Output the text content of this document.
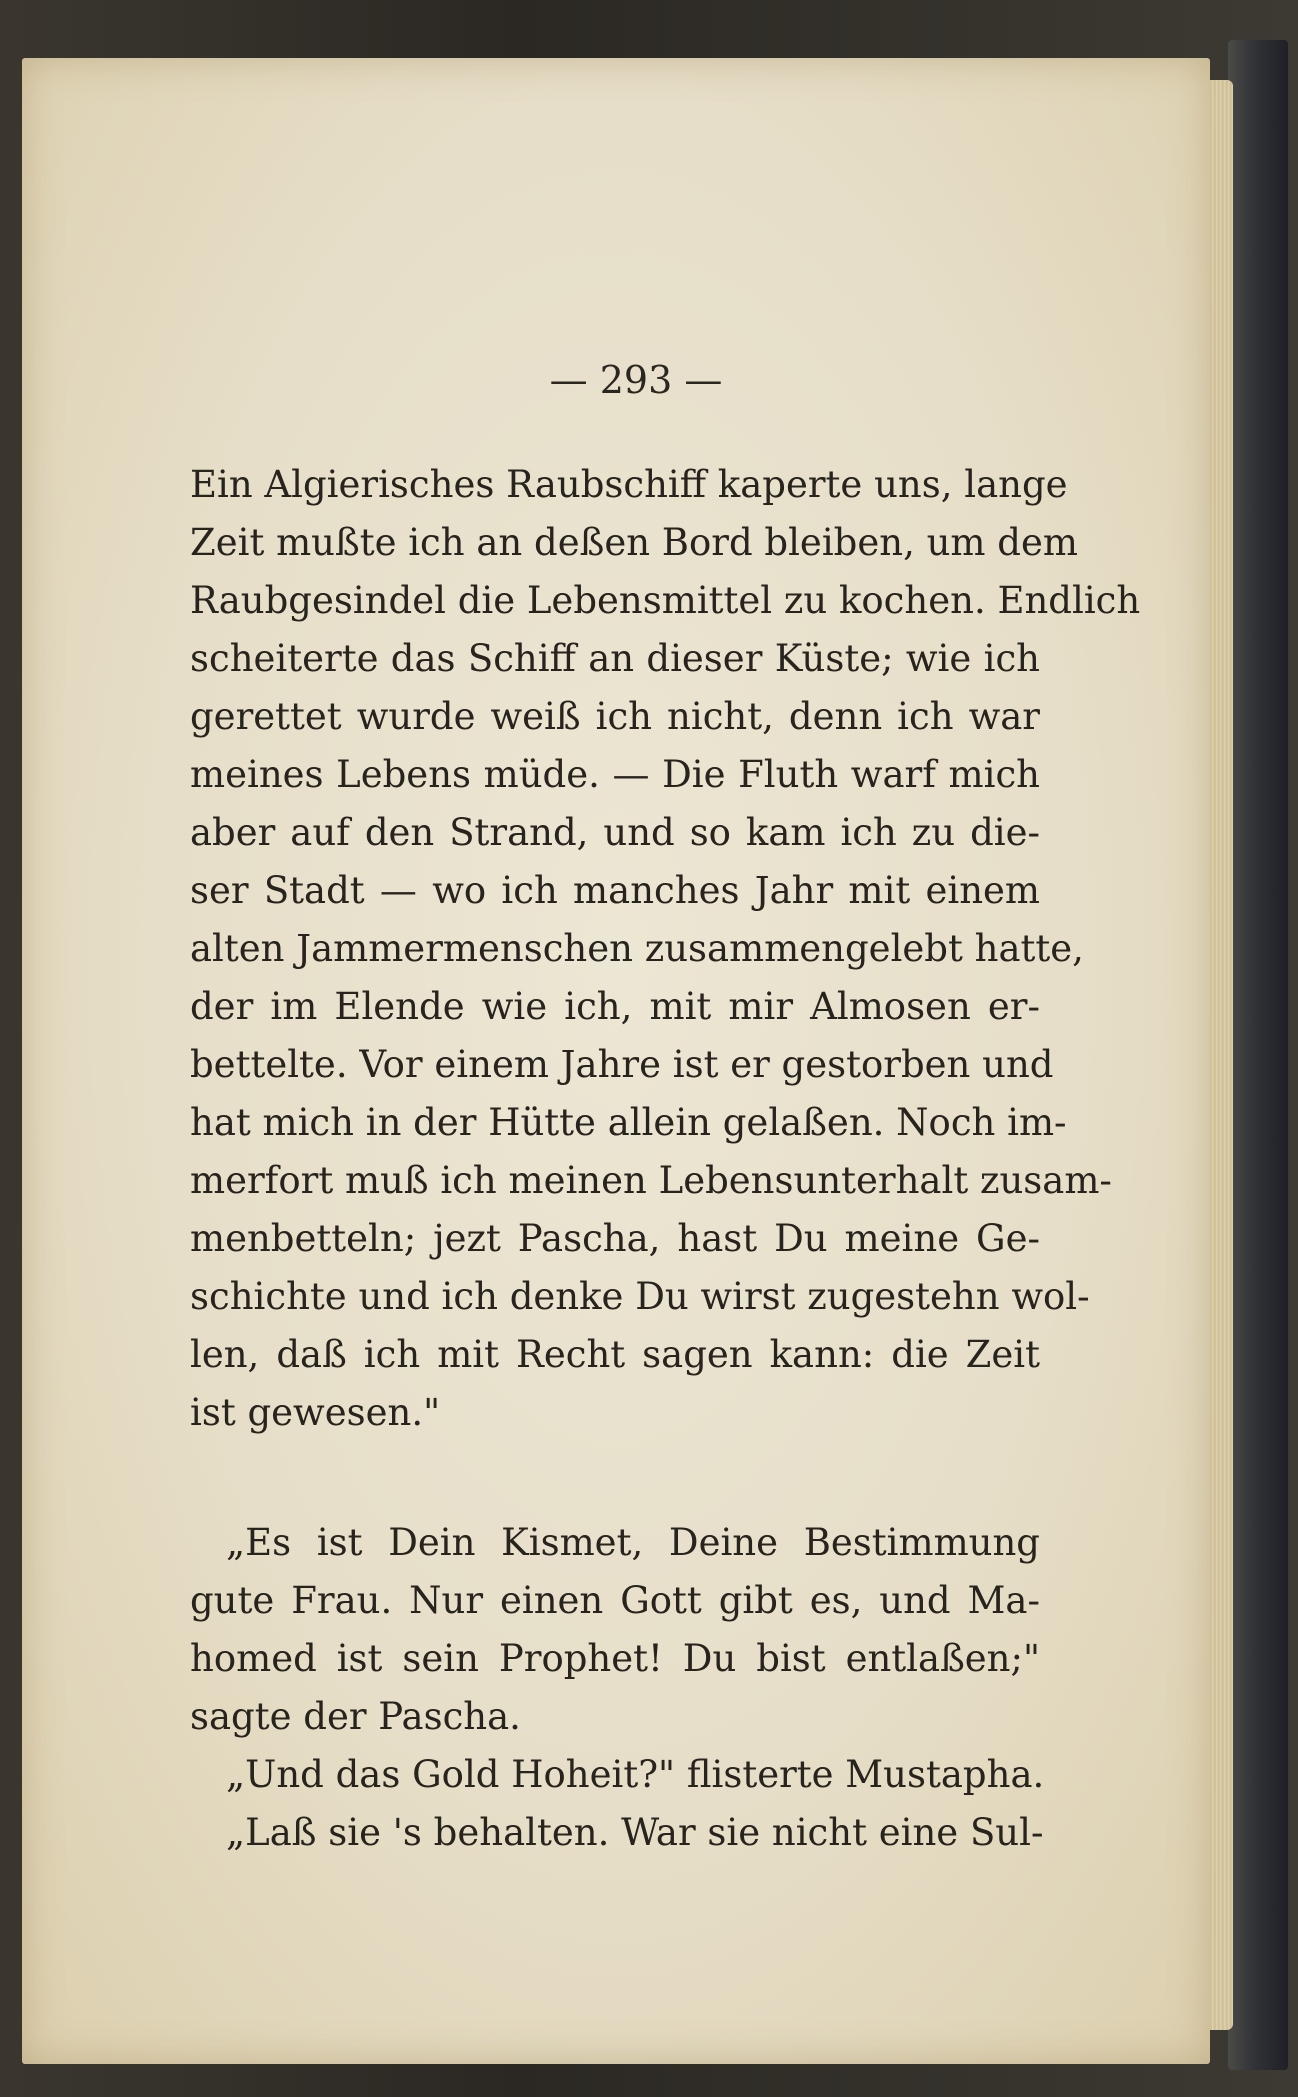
— 293 —
Ein Algierisches Raubschiff kaperte uns, lange
Zeit mußte ich an deßen Bord bleiben, um dem
Raubgesindel die Lebensmittel zu kochen. Endlich
scheiterte das Schiff an dieser Küste; wie ich
gerettet wurde weiß ich nicht, denn ich war
meines Lebens müde. — Die Fluth warf mich
aber auf den Strand, und so kam ich zu die-
ser Stadt — wo ich manches Jahr mit einem
alten Jammermenschen zusammengelebt hatte,
der im Elende wie ich, mit mir Almosen er-
bettelte. Vor einem Jahre ist er gestorben und
hat mich in der Hütte allein gelaßen. Noch im-
merfort muß ich meinen Lebensunterhalt zusam-
menbetteln; jezt Pascha, hast Du meine Ge-
schichte und ich denke Du wirst zugestehn wol-
len, daß ich mit Recht sagen kann: die Zeit
ist gewesen."
„Es ist Dein Kismet, Deine Bestimmung
gute Frau. Nur einen Gott gibt es, und Ma-
homed ist sein Prophet! Du bist entlaßen;"
sagte der Pascha.
„Und das Gold Hoheit?" flisterte Mustapha.
„Laß sie 's behalten. War sie nicht eine Sul-
